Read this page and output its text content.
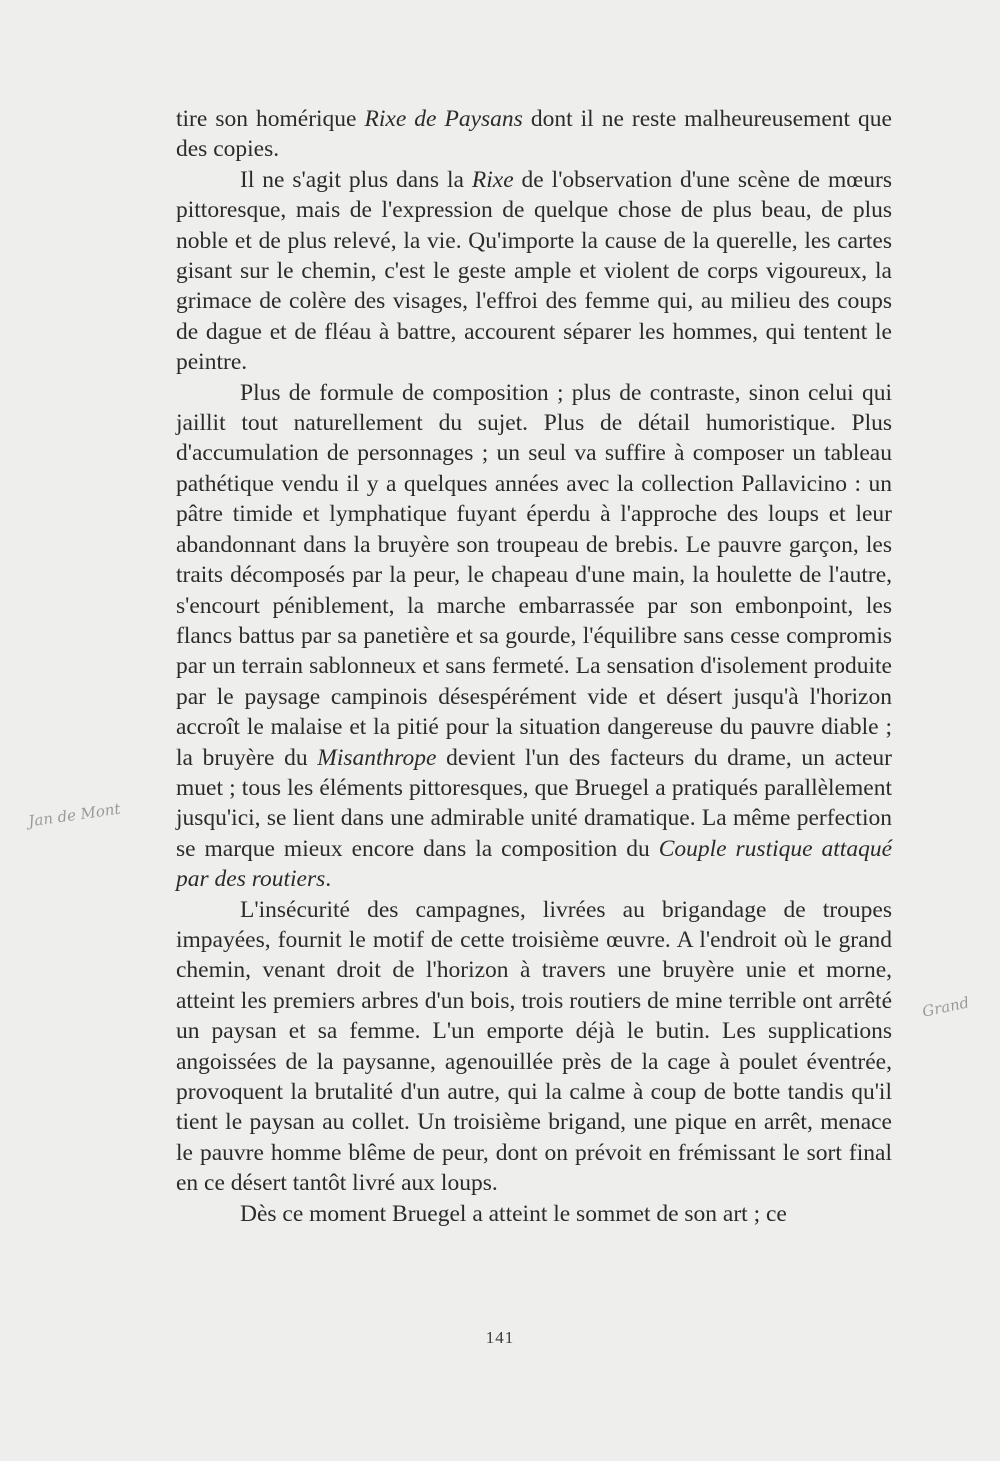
tire son homérique Rixe de Paysans dont il ne reste malheureusement que des copies.

Il ne s'agit plus dans la Rixe de l'observation d'une scène de mœurs pittoresque, mais de l'expression de quelque chose de plus beau, de plus noble et de plus relevé, la vie. Qu'importe la cause de la querelle, les cartes gisant sur le chemin, c'est le geste ample et violent de corps vigoureux, la grimace de colère des visages, l'effroi des femme qui, au milieu des coups de dague et de fléau à battre, accourent séparer les hommes, qui tentent le peintre.

Plus de formule de composition ; plus de contraste, sinon celui qui jaillit tout naturellement du sujet. Plus de détail humoristique. Plus d'accumulation de personnages ; un seul va suffire à composer un tableau pathétique vendu il y a quelques années avec la collection Pallavicino : un pâtre timide et lymphatique fuyant éperdu à l'approche des loups et leur abandonnant dans la bruyère son troupeau de brebis. Le pauvre garçon, les traits décomposés par la peur, le chapeau d'une main, la houlette de l'autre, s'encourt péniblement, la marche embarrassée par son embonpoint, les flancs battus par sa panetière et sa gourde, l'équilibre sans cesse compromis par un terrain sablonneux et sans fermeté. La sensation d'isolement produite par le paysage campinois désespérément vide et désert jusqu'à l'horizon accroît le malaise et la pitié pour la situation dangereuse du pauvre diable ; la bruyère du Misanthrope devient l'un des facteurs du drame, un acteur muet ; tous les éléments pittoresques, que Bruegel a pratiqués parallèlement jusqu'ici, se lient dans une admirable unité dramatique. La même perfection se marque mieux encore dans la composition du Couple rustique attaqué par des routiers.

L'insécurité des campagnes, livrées au brigandage de troupes impayées, fournit le motif de cette troisième œuvre. A l'endroit où le grand chemin, venant droit de l'horizon à travers une bruyère unie et morne, atteint les premiers arbres d'un bois, trois routiers de mine terrible ont arrêté un paysan et sa femme. L'un emporte déjà le butin. Les supplications angoissées de la paysanne, agenouillée près de la cage à poulet éventrée, provoquent la brutalité d'un autre, qui la calme à coup de botte tandis qu'il tient le paysan au collet. Un troisième brigand, une pique en arrêt, menace le pauvre homme blême de peur, dont on prévoit en frémissant le sort final en ce désert tantôt livré aux loups.

Dès ce moment Bruegel a atteint le sommet de son art ; ce

141
Jan de Mont
Grand
